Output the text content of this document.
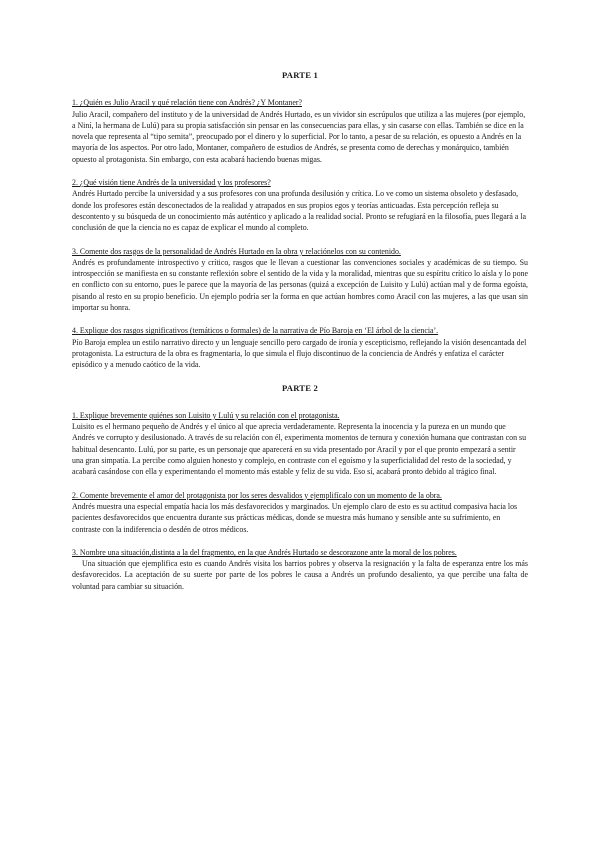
PARTE 1

1. ¿Quién es Julio Aracil y qué relación tiene con Andrés? ¿Y Montaner?

Julio Aracil, compañero del instituto y de la universidad de Andrés Hurtado, es un vividor sin escrúpulos que utiliza a las mujeres (por ejemplo, a Niní, la hermana de Lulú) para su propia satisfacción sin pensar en las consecuencias para ellas, y sin casarse con ellas. También se dice en la novela que representa al “tipo semita”, preocupado por el dinero y lo superficial. Por lo tanto, a pesar de su relación, es opuesto a Andrés en la mayoría de los aspectos. Por otro lado, Montaner, compañero de estudios de Andrés, se presenta como de derechas y monárquico, también opuesto al protagonista. Sin embargo, con esta acabará haciendo buenas migas.

2. ¿Qué visión tiene Andrés de la universidad y los profesores?

Andrés Hurtado percibe la universidad y a sus profesores con una profunda desilusión y crítica. Lo ve como un sistema obsoleto y desfasado, donde los profesores están desconectados de la realidad y atrapados en sus propios egos y teorías anticuadas. Esta percepción refleja su descontento y su búsqueda de un conocimiento más auténtico y aplicado a la realidad social. Pronto se refugiará en la filosofía, pues llegará a la conclusión de que la ciencia no es capaz de explicar el mundo al completo.

3. Comente dos rasgos de la personalidad de Andrés Hurtado en la obra y relaciónelos con su contenido.

Andrés es profundamente introspectivo y crítico, rasgos que le llevan a cuestionar las convenciones sociales y académicas de su tiempo. Su introspección se manifiesta en su constante reflexión sobre el sentido de la vida y la moralidad, mientras que su espíritu crítico lo aísla y lo pone en conflicto con su entorno, pues le parece que la mayoría de las personas (quizá a excepción de Luisito y Lulú) actúan mal y de forma egoísta, pisando al resto en su propio beneficio. Un ejemplo podría ser la forma en que actúan hombres como Aracil con las mujeres, a las que usan sin importar su honra.

4. Explique dos rasgos significativos (temáticos o formales) de la narrativa de Pío Baroja en ‘El árbol de la ciencia’.

Pío Baroja emplea un estilo narrativo directo y un lenguaje sencillo pero cargado de ironía y escepticismo, reflejando la visión desencantada del protagonista. La estructura de la obra es fragmentaria, lo que simula el flujo discontinuo de la conciencia de Andrés y enfatiza el carácter episódico y a menudo caótico de la vida.

PARTE 2

1. Explique brevemente quiénes son Luisito y Lulú y su relación con el protagonista.

Luisito es el hermano pequeño de Andrés y el único al que aprecia verdaderamente. Representa la inocencia y la pureza en un mundo que Andrés ve corrupto y desilusionado. A través de su relación con él, experimenta momentos de ternura y conexión humana que contrastan con su habitual desencanto. Lulú, por su parte, es un personaje que aparecerá en su vida presentado por Aracil y por el que pronto empezará a sentir una gran simpatía. La percibe como alguien honesto y complejo, en contraste con el egoísmo y la superficialidad del resto de la sociedad, y acabará casándose con ella y experimentando el momento más estable y feliz de su vida. Eso sí, acabará pronto debido al trágico final.

2. Comente brevemente el amor del protagonista por los seres desvalidos y ejemplifícalo con un momento de la obra.

Andrés muestra una especial empatía hacia los más desfavorecidos y marginados. Un ejemplo claro de esto es su actitud compasiva hacia los pacientes desfavorecidos que encuentra durante sus prácticas médicas, donde se muestra más humano y sensible ante su sufrimiento, en contraste con la indiferencia o desdén de otros médicos.

3. Nombre una situación,distinta a la del fragmento, en la que Andrés Hurtado se descorazone ante la moral de los pobres.

Una situación que ejemplifica esto es cuando Andrés visita los barrios pobres y observa la resignación y la falta de esperanza entre los más desfavorecidos. La aceptación de su suerte por parte de los pobres le causa a Andrés un profundo desaliento, ya que percibe una falta de voluntad para cambiar su situación.
